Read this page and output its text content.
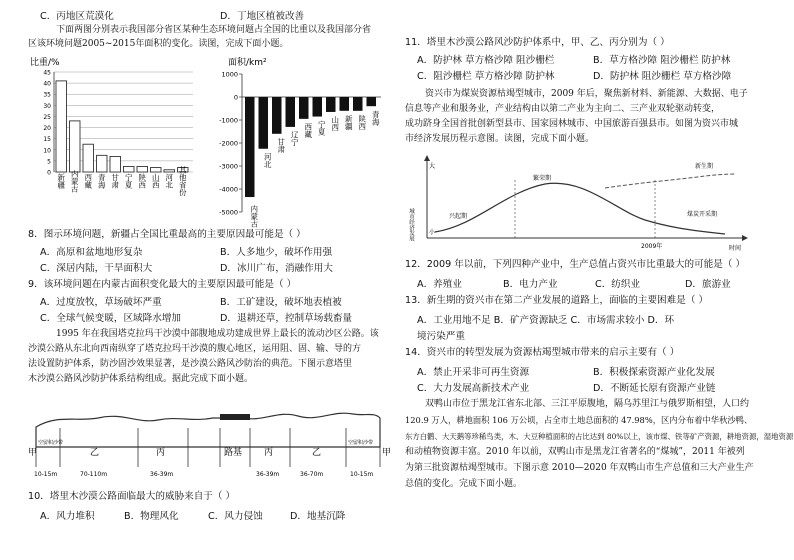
C．丙地区荒漠化	D．丁地区植被改善
下面两图分别表示我国部分省区某种生态环境问题占全国的比重以及我国部分省
区该环境问题2005~2015年面积的变化。读图，完成下面小题。
比重/%
0
5
10
15
20
25
30
35
40
45
新疆 内蒙古 西藏 青海 甘肃 宁夏 陕西 山西 河北 其他省份
面积/km²
1000
0
-1000
-2000
-3000
-4000
-5000 内蒙古
河北
甘肃 辽宁
西藏 宁夏 山西 新疆 陕西 青海
8．图示环境问题，新疆占全国比重最高的主要原因最可能是（ ）
A．高原和盆地地形复杂	B．人多地少，破坏作用强
C．深居内陆，干旱面积大	D．冰川广布，消融作用大
9．该环境问题在内蒙古面积变化最大的主要原因最可能是（ ）
A．过度放牧，草场破坏严重	B．工矿建设，破坏地表植被
C．全球气候变暖，区域降水增加	D．退耕还草，控制草场载畜量
1995 年在我国塔克拉玛干沙漠中部腹地成功建成世界上最长的流动沙区公路。该
沙漠公路从东北向西南纵穿了塔克拉玛干沙漠的腹心地区，运用阻、固、输、导的方
法设置防护体系，防沙固沙效果显著，是沙漠公路风沙防治的典范。下图示意塔里
木沙漠公路风沙防护体系结构组成。据此完成下面小题。
甲	乙	丙	路基 丙	乙	甲
空留积沙带	空留积沙带
10-15m	70-110m	36-39m	36-39m	36-70m	10-15m
10．塔里木沙漠公路面临最大的威胁来自于（ ）
A．风力堆积	B．物理风化	C．风力侵蚀	D．地基沉降
11．塔里木沙漠公路风沙防护体系中，甲、乙、丙分别为（ ）
A．防护林 草方格沙障 阻沙栅栏	B．草方格沙障 阻沙栅栏 防护林
C．阻沙栅栏 草方格沙障 防护林	D．防护林 阻沙栅栏 草方格沙障
资兴市为煤炭资源枯竭型城市，2009 年后，聚焦新材料、新能源、大数据、电子
信息等产业和服务业，产业结构由以第二产业为主向二、三产业双轮驱动转变，
成功跻身全国首批创新型县市、国家园林城市、中国旅游百强县市。如图为资兴市城
市经济发展历程示意图。读图，完成下面小题。
城市经济发展
大
小
时间
2009年
兴起期
繁荣期
新生期
煤炭开采期
12．2009 年以前，下列四种产业中，生产总值占资兴市比重最大的可能是（ ）
A．养殖业	B．电力产业	C．纺织业	D．旅游业
13．新生期的资兴市在第二产业发展的道路上，面临的主要困难是（ ）
A．工业用地不足 B．矿产资源缺乏 C．市场需求较小 D．环
境污染严重
14．资兴市的转型发展为资源枯竭型城市带来的启示主要有（ ）
A．禁止开采非可再生资源	B．积极探索资源产业化发展
C．大力发展高新技术产业	D．不断延长原有资源产业链
双鸭山市位于黑龙江省东北部、三江平原腹地，隔乌苏里江与俄罗斯相望，人口约
120.9 万人，耕地面积 106 万公顷，占全市土地总面积的 47.98%，区内分布着中华秋沙鸭、
东方白鹳、大天鹅等珍稀鸟类，木、大豆种植面积的占比达到 80%以上，该市煤、铁等矿产资源，耕地资源，湿地资源
和动植物资源丰富。2010 年以前，双鸭山市是黑龙江省著名的“煤城”，2011 年被列
为第三批资源枯竭型城市。下图示意 2010—2020 年双鸭山市生产总值和三大产业生产
总值的变化。完成下面小题。
